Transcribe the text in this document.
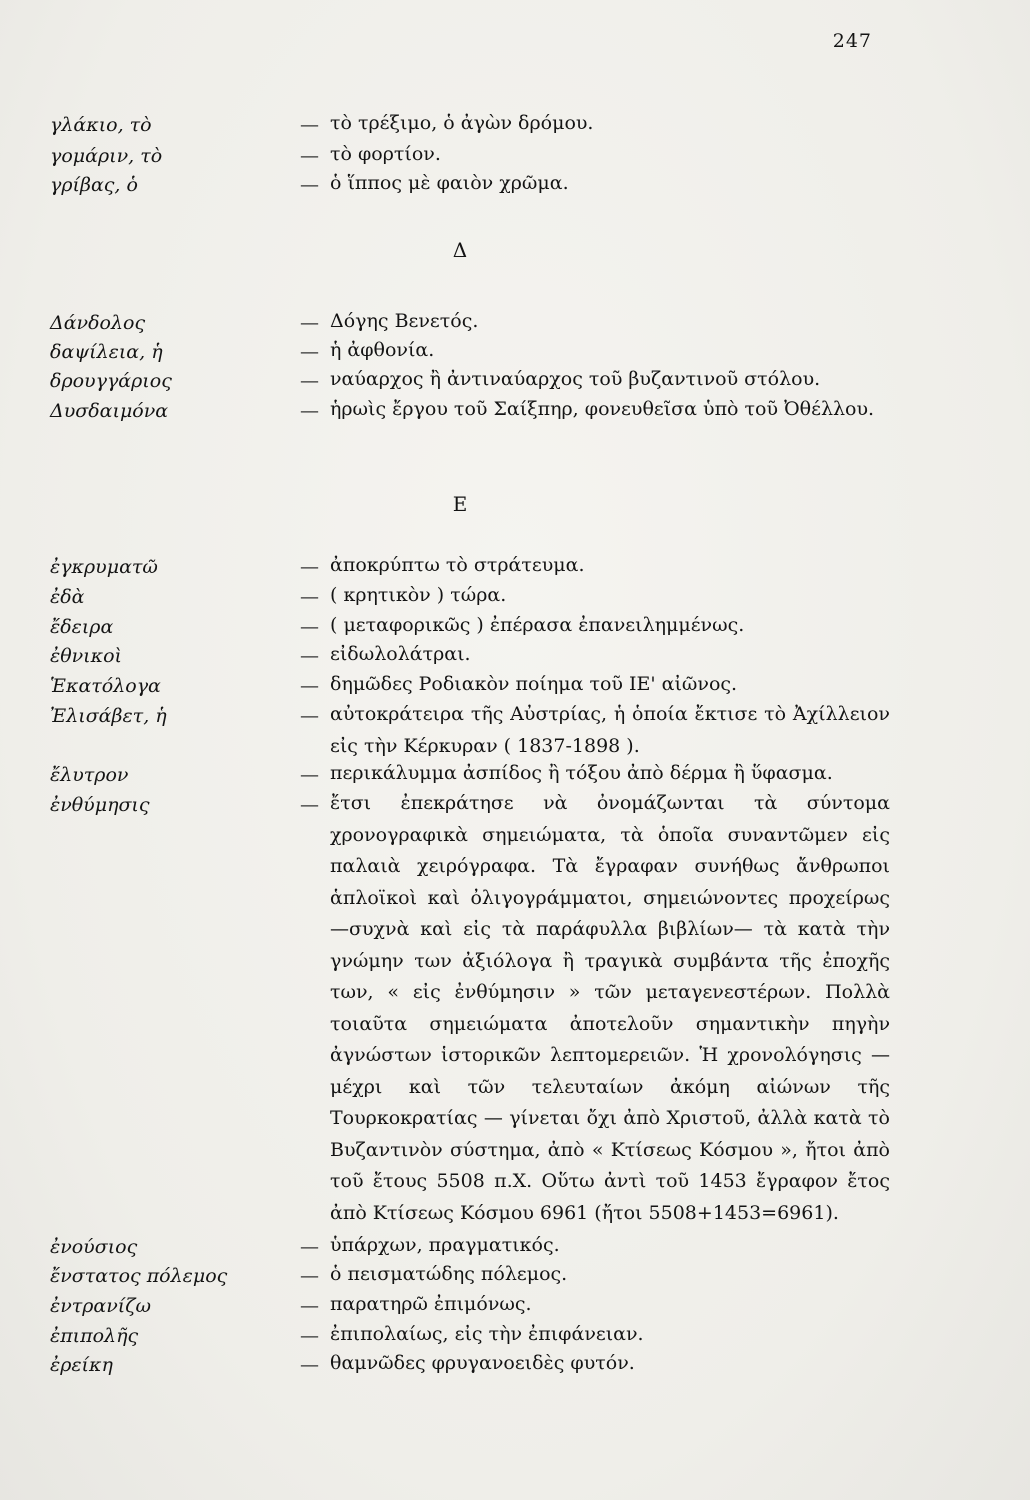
247
γλάκιο, τὸ	— τὸ τρέξιμο, ὁ ἀγὼν δρόμου.
γομάριν, τὸ	— τὸ φορτίον.
γρίβας, ὁ	— ὁ ἵππος μὲ φαιὸν χρῶμα.
Δ
Δάνδολος	— Δόγης Βενετός.
δαψίλεια, ἡ	— ἡ ἀφθονία.
δρουγγάριος	— ναύαρχος ἢ ἀντιναύαρχος τοῦ βυζαντινοῦ στόλου.
Δυσδαιμόνα	— ἡρωὶς ἔργου τοῦ Σαίξπηρ, φονευθεῖσα ὑπὸ τοῦ Ὀθέλλου.
Ε
ἐγκρυματῶ	— ἀποκρύπτω τὸ στράτευμα.
ἐδὰ	— ( κρητικὸν ) τώρα.
ἔδειρα	— ( μεταφορικῶς ) ἐπέρασα ἐπανειλημμένως.
ἐθνικοὶ	— εἰδωλολάτραι.
Ἑκατόλογα	— δημῶδες Ροδιακὸν ποίημα τοῦ ΙΕ' αἰῶνος.
Ἐλισάβετ, ἡ	— αὐτοκράτειρα τῆς Αὐστρίας, ἡ ὁποία ἔκτισε τὸ Ἀχίλλειον εἰς τὴν Κέρκυραν ( 1837-1898 ).
ἔλυτρον	— περικάλυμμα ἀσπίδος ἢ τόξου ἀπὸ δέρμα ἢ ὕφασμα.
ἐνθύμησις	— ἔτσι ἐπεκράτησε νὰ ὀνομάζωνται τὰ σύντομα χρονογραφικὰ σημειώματα, τὰ ὁποῖα συναντῶμεν εἰς παλαιὰ χειρόγραφα. Τὰ ἔγραφαν συνήθως ἄνθρωποι ἁπλοϊκοὶ καὶ ὀλιγογράμματοι, σημειώνοντες προχείρως —συχνὰ καὶ εἰς τὰ παράφυλλα βιβλίων— τὰ κατὰ τὴν γνώμην των ἀξιόλογα ἢ τραγικὰ συμβάντα τῆς ἐποχῆς των, « εἰς ἐνθύμησιν » τῶν μεταγενεστέρων. Πολλὰ τοιαῦτα σημειώματα ἀποτελοῦν σημαντικὴν πηγὴν ἀγνώστων ἱστορικῶν λεπτομερειῶν. Ἡ χρονολόγησις — μέχρι καὶ τῶν τελευταίων ἀκόμη αἰώνων τῆς Τουρκοκρατίας — γίνεται ὄχι ἀπὸ Χριστοῦ, ἀλλὰ κατὰ τὸ Βυζαντινὸν σύστημα, ἀπὸ « Κτίσεως Κόσμου », ἤτοι ἀπὸ τοῦ ἔτους 5508 π.Χ. Οὕτω ἀντὶ τοῦ 1453 ἔγραφον ἔτος ἀπὸ Κτίσεως Κόσμου 6961 (ἤτοι 5508+1453=6961).
ἐνούσιος	— ὑπάρχων, πραγματικός.
ἔνστατος πόλεμος	— ὁ πεισματώδης πόλεμος.
ἐντρανίζω	— παρατηρῶ ἐπιμόνως.
ἐπιπολῆς	— ἐπιπολαίως, εἰς τὴν ἐπιφάνειαν.
ἐρείκη	— θαμνῶδες φρυγανοειδὲς φυτόν.
